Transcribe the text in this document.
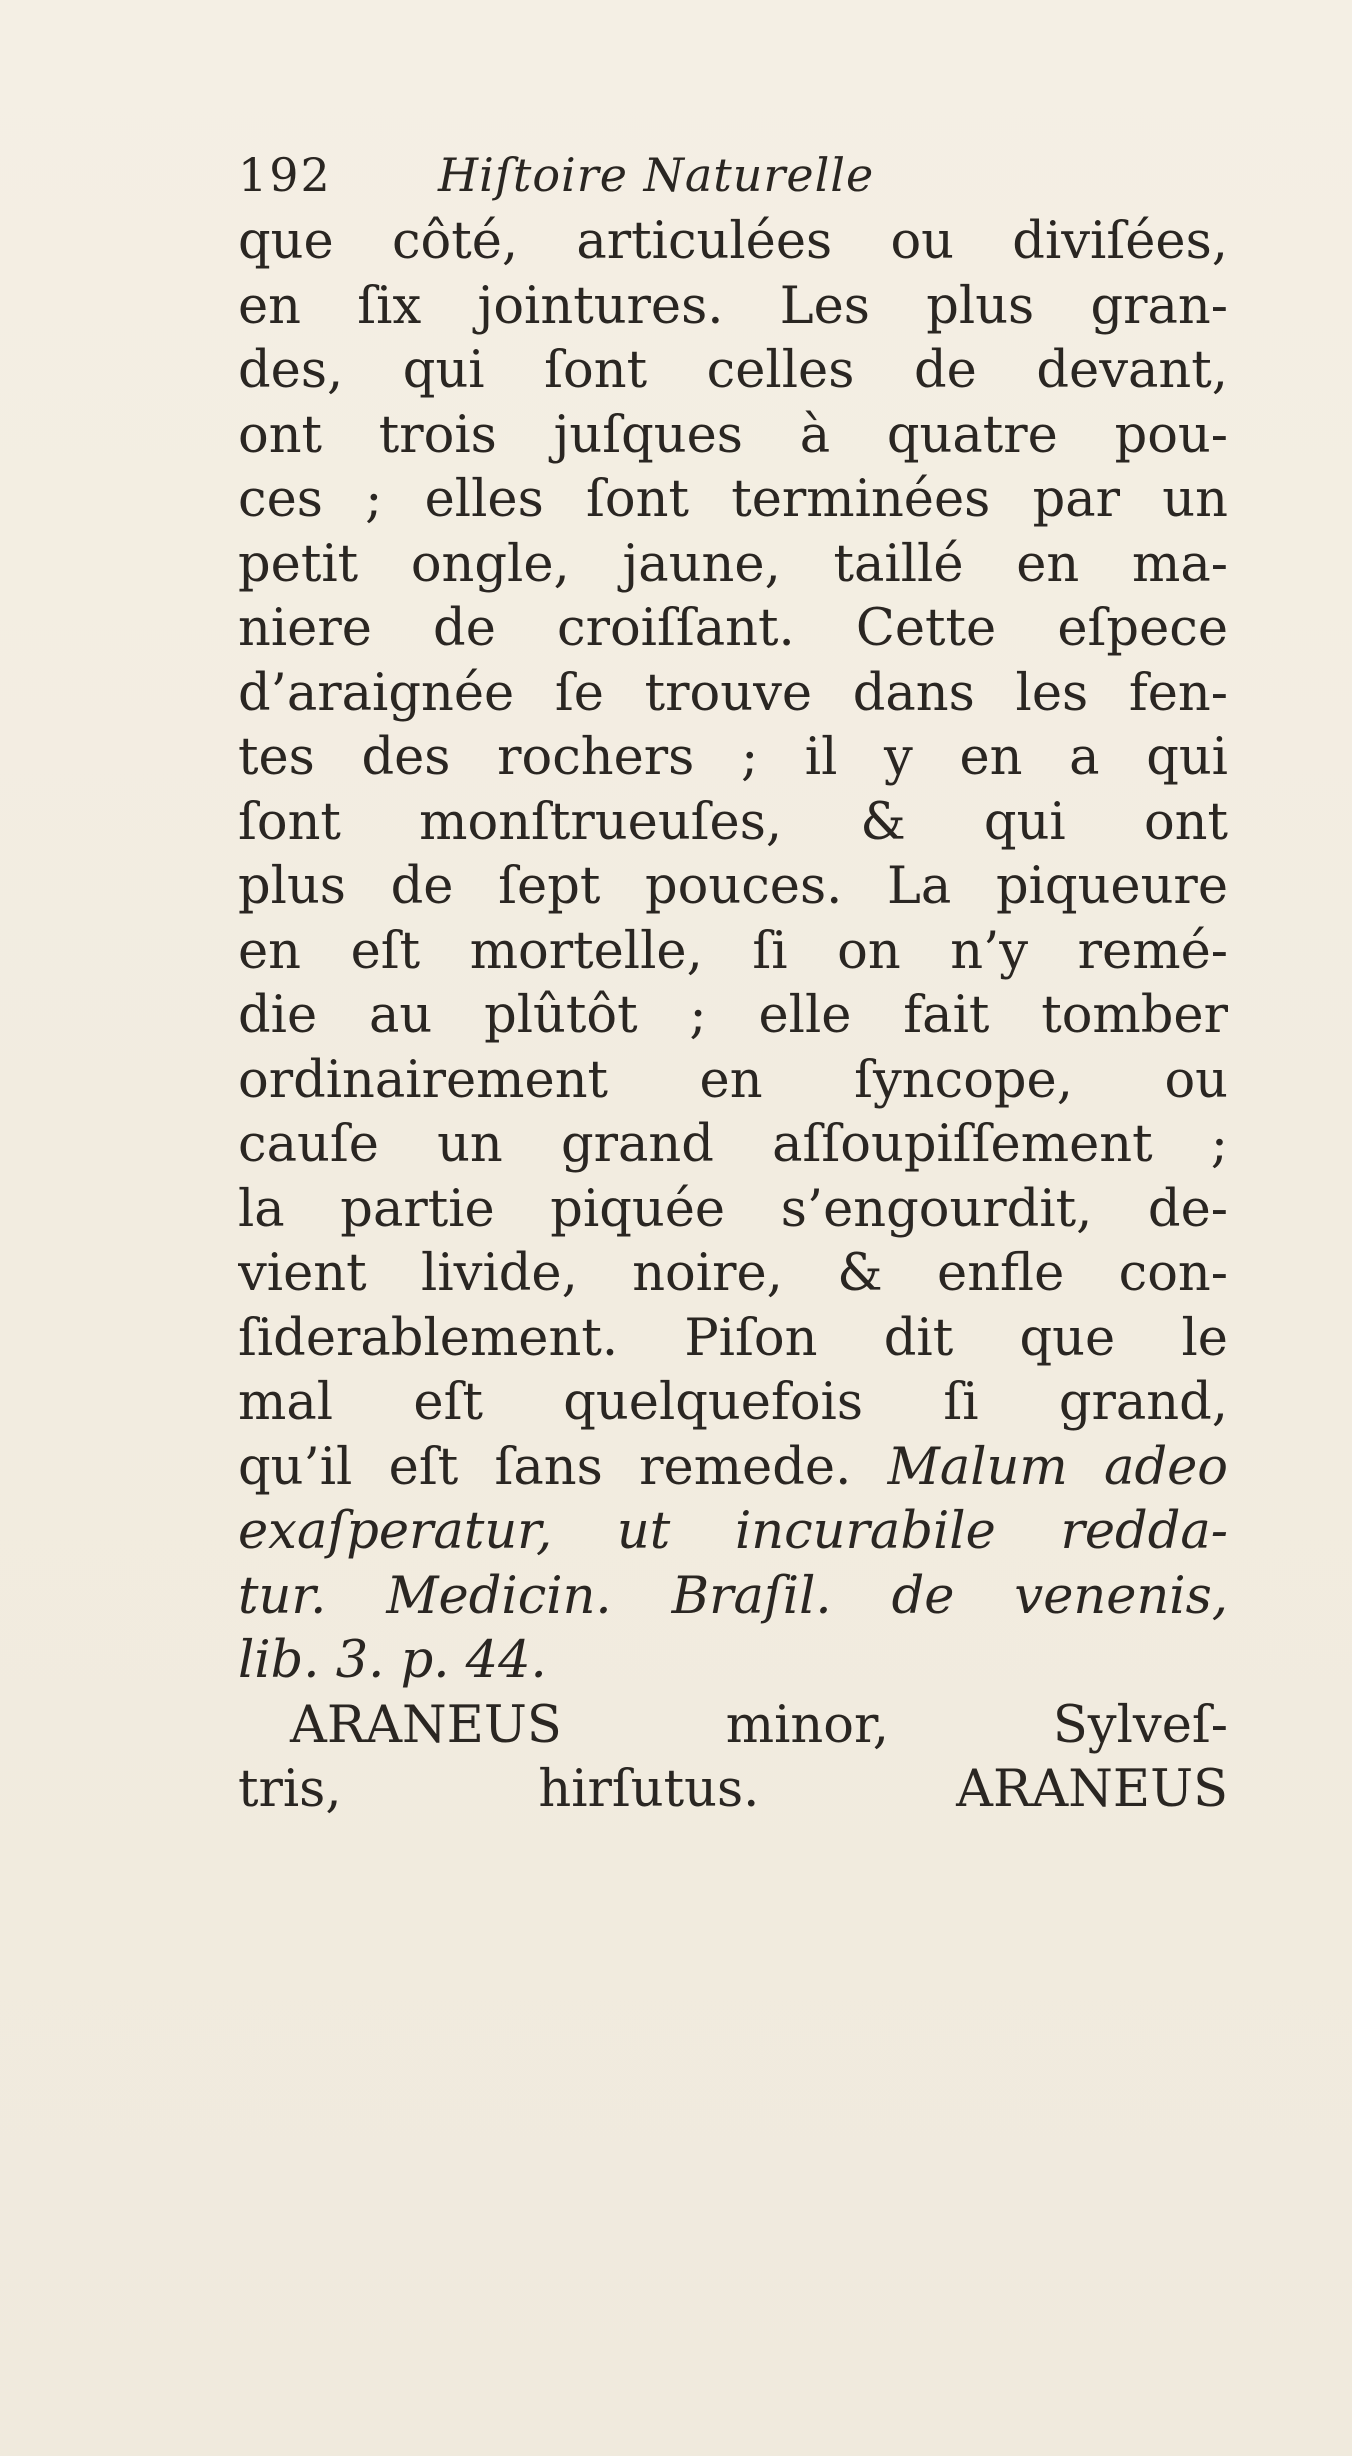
192 Hiſtoire Naturelle
que côté, articulées ou diviſées,
en ſix jointures. Les plus gran-
des, qui ſont celles de devant,
ont trois juſques à quatre pou-
ces ; elles ſont terminées par un
petit ongle, jaune, taillé en ma-
niere de croiſſant. Cette eſpece
d’araignée ſe trouve dans les fen-
tes des rochers ; il y en a qui
ſont monſtrueuſes, & qui ont
plus de ſept pouces. La piqueure
en eſt mortelle, ſi on n’y remé-
die au plûtôt ; elle fait tomber
ordinairement en ſyncope, ou
cauſe un grand aſſoupiſſement ;
la partie piquée s’engourdit, de-
vient livide, noire, & enfle con-
ſiderablement. Piſon dit que le
mal eſt quelquefois ſi grand,
qu’il eſt ſans remede. Malum adeo
exaſperatur, ut incurabile redda-
tur. Medicin. Braſil. de venenis,
lib. 3. p. 44.
ARANEUS minor, Sylveſ-
tris, hirſutus.	ARANEUS
